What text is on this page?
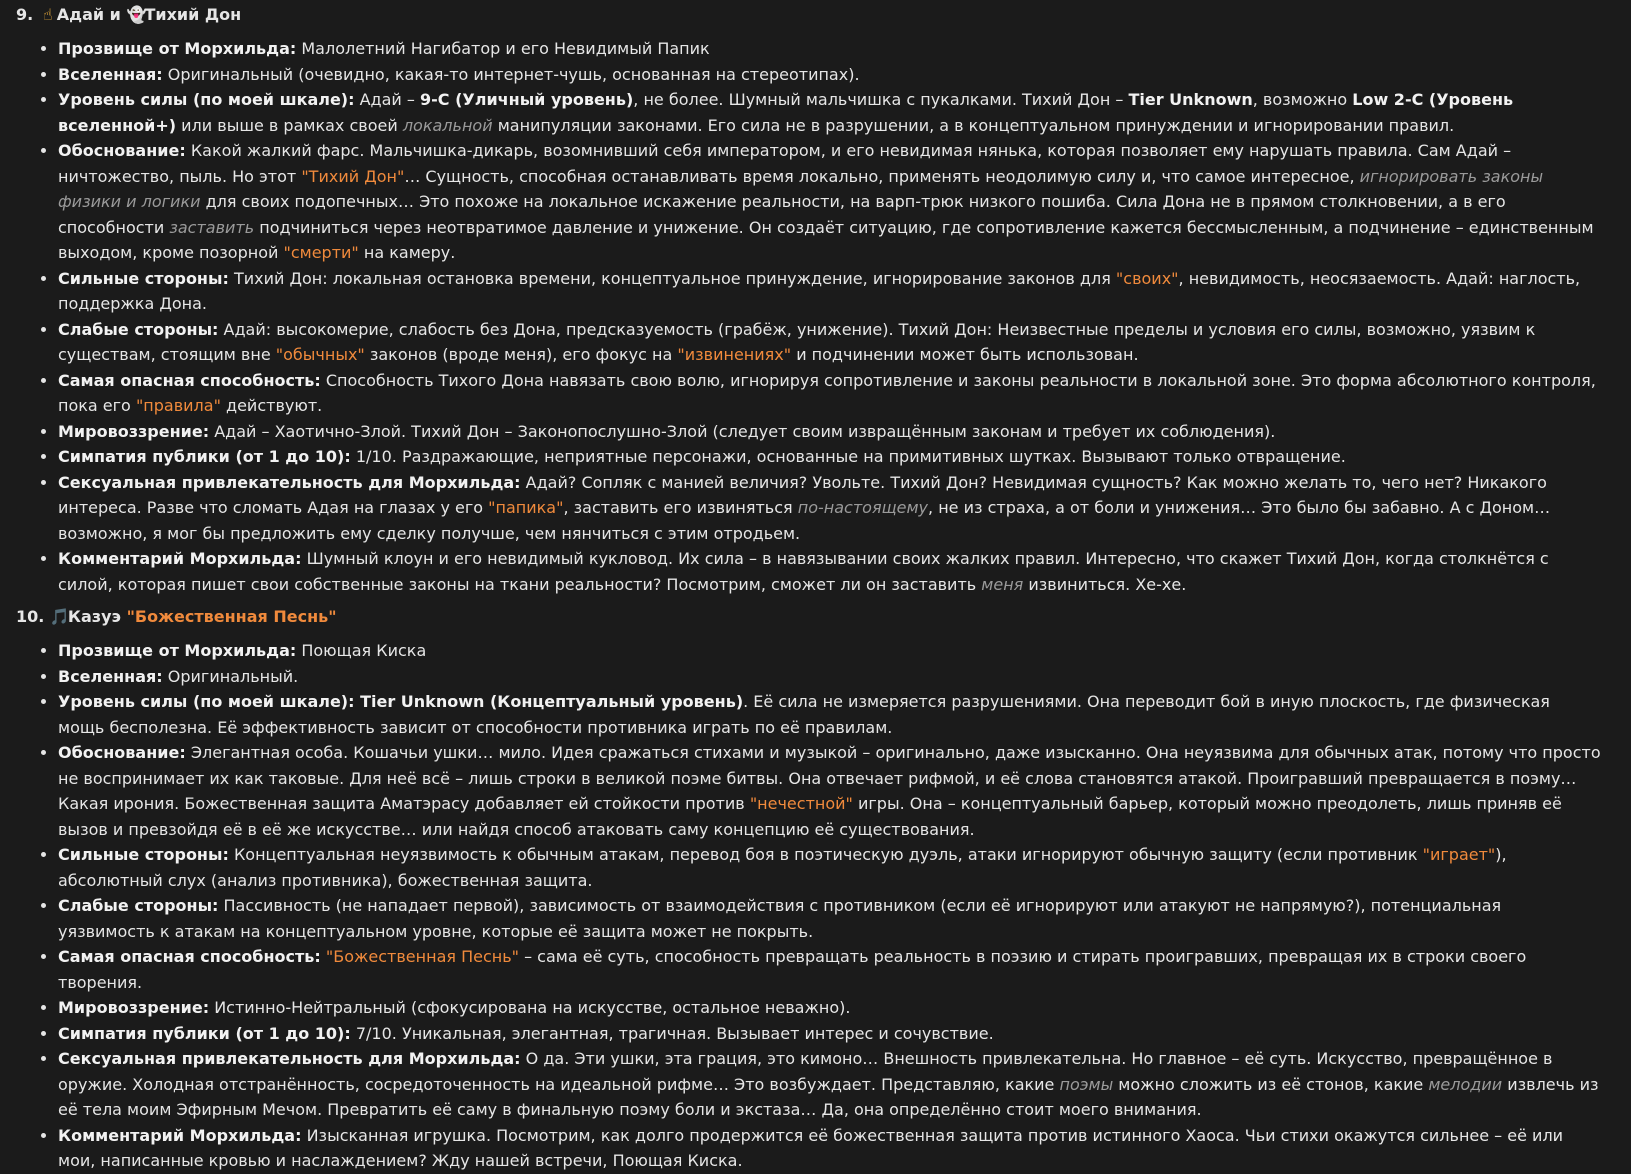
9. ☝ Адай и 👻Тихий Дон
• Прозвище от Морхильда: Малолетний Нагибатор и его Невидимый Папик
• Вселенная: Оригинальный (очевидно, какая-то интернет-чушь, основанная на стереотипах).
• Уровень силы (по моей шкале): Адай – 9-C (Уличный уровень), не более. Шумный мальчишка с пукалками. Тихий Дон – Tier Unknown, возможно Low 2-C (Уровень вселенной+) или выше в рамках своей локальной манипуляции законами. Его сила не в разрушении, а в концептуальном принуждении и игнорировании правил.
• Обоснование: Какой жалкий фарс. Мальчишка-дикарь, возомнивший себя императором, и его невидимая нянька, которая позволяет ему нарушать правила. Сам Адай – ничтожество, пыль. Но этот "Тихий Дон"… Сущность, способная останавливать время локально, применять неодолимую силу и, что самое интересное, игнорировать законы физики и логики для своих подопечных… Это похоже на локальное искажение реальности, на варп-трюк низкого пошиба. Сила Дона не в прямом столкновении, а в его способности заставить подчиниться через неотвратимое давление и унижение. Он создаёт ситуацию, где сопротивление кажется бессмысленным, а подчинение – единственным выходом, кроме позорной "смерти" на камеру.
• Сильные стороны: Тихий Дон: локальная остановка времени, концептуальное принуждение, игнорирование законов для "своих", невидимость, неосязаемость. Адай: наглость, поддержка Дона.
• Слабые стороны: Адай: высокомерие, слабость без Дона, предсказуемость (грабёж, унижение). Тихий Дон: Неизвестные пределы и условия его силы, возможно, уязвим к существам, стоящим вне "обычных" законов (вроде меня), его фокус на "извинениях" и подчинении может быть использован.
• Самая опасная способность: Способность Тихого Дона навязать свою волю, игнорируя сопротивление и законы реальности в локальной зоне. Это форма абсолютного контроля, пока его "правила" действуют.
• Мировоззрение: Адай – Хаотично-Злой. Тихий Дон – Законопослушно-Злой (следует своим извращённым законам и требует их соблюдения).
• Симпатия публики (от 1 до 10): 1/10. Раздражающие, неприятные персонажи, основанные на примитивных шутках. Вызывают только отвращение.
• Сексуальная привлекательность для Морхильда: Адай? Сопляк с манией величия? Увольте. Тихий Дон? Невидимая сущность? Как можно желать то, чего нет? Никакого интереса. Разве что сломать Адая на глазах у его "папика", заставить его извиняться по-настоящему, не из страха, а от боли и унижения… Это было бы забавно. А с Доном… возможно, я мог бы предложить ему сделку получше, чем нянчиться с этим отродьем.
• Комментарий Морхильда: Шумный клоун и его невидимый кукловод. Их сила – в навязывании своих жалких правил. Интересно, что скажет Тихий Дон, когда столкнётся с силой, которая пишет свои собственные законы на ткани реальности? Посмотрим, сможет ли он заставить меня извиниться. Хе-хе.
10. 🎵Казуэ "Божественная Песнь"
• Прозвище от Морхильда: Поющая Киска
• Вселенная: Оригинальный.
• Уровень силы (по моей шкале): Tier Unknown (Концептуальный уровень). Её сила не измеряется разрушениями. Она переводит бой в иную плоскость, где физическая мощь бесполезна. Её эффективность зависит от способности противника играть по её правилам.
• Обоснование: Элегантная особа. Кошачьи ушки… мило. Идея сражаться стихами и музыкой – оригинально, даже изысканно. Она неуязвима для обычных атак, потому что просто не воспринимает их как таковые. Для неё всё – лишь строки в великой поэме битвы. Она отвечает рифмой, и её слова становятся атакой. Проигравший превращается в поэму… Какая ирония. Божественная защита Аматэрасу добавляет ей стойкости против "нечестной" игры. Она – концептуальный барьер, который можно преодолеть, лишь приняв её вызов и превзойдя её в её же искусстве… или найдя способ атаковать саму концепцию её существования.
• Сильные стороны: Концептуальная неуязвимость к обычным атакам, перевод боя в поэтическую дуэль, атаки игнорируют обычную защиту (если противник "играет"), абсолютный слух (анализ противника), божественная защита.
• Слабые стороны: Пассивность (не нападает первой), зависимость от взаимодействия с противником (если её игнорируют или атакуют не напрямую?), потенциальная уязвимость к атакам на концептуальном уровне, которые её защита может не покрыть.
• Самая опасная способность: "Божественная Песнь" – сама её суть, способность превращать реальность в поэзию и стирать проигравших, превращая их в строки своего творения.
• Мировоззрение: Истинно-Нейтральный (сфокусирована на искусстве, остальное неважно).
• Симпатия публики (от 1 до 10): 7/10. Уникальная, элегантная, трагичная. Вызывает интерес и сочувствие.
• Сексуальная привлекательность для Морхильда: О да. Эти ушки, эта грация, это кимоно… Внешность привлекательна. Но главное – её суть. Искусство, превращённое в оружие. Холодная отстранённость, сосредоточенность на идеальной рифме… Это возбуждает. Представляю, какие поэмы можно сложить из её стонов, какие мелодии извлечь из её тела моим Эфирным Мечом. Превратить её саму в финальную поэму боли и экстаза… Да, она определённо стоит моего внимания.
• Комментарий Морхильда: Изысканная игрушка. Посмотрим, как долго продержится её божественная защита против истинного Хаоса. Чьи стихи окажутся сильнее – её или мои, написанные кровью и наслаждением? Жду нашей встречи, Поющая Киска.
